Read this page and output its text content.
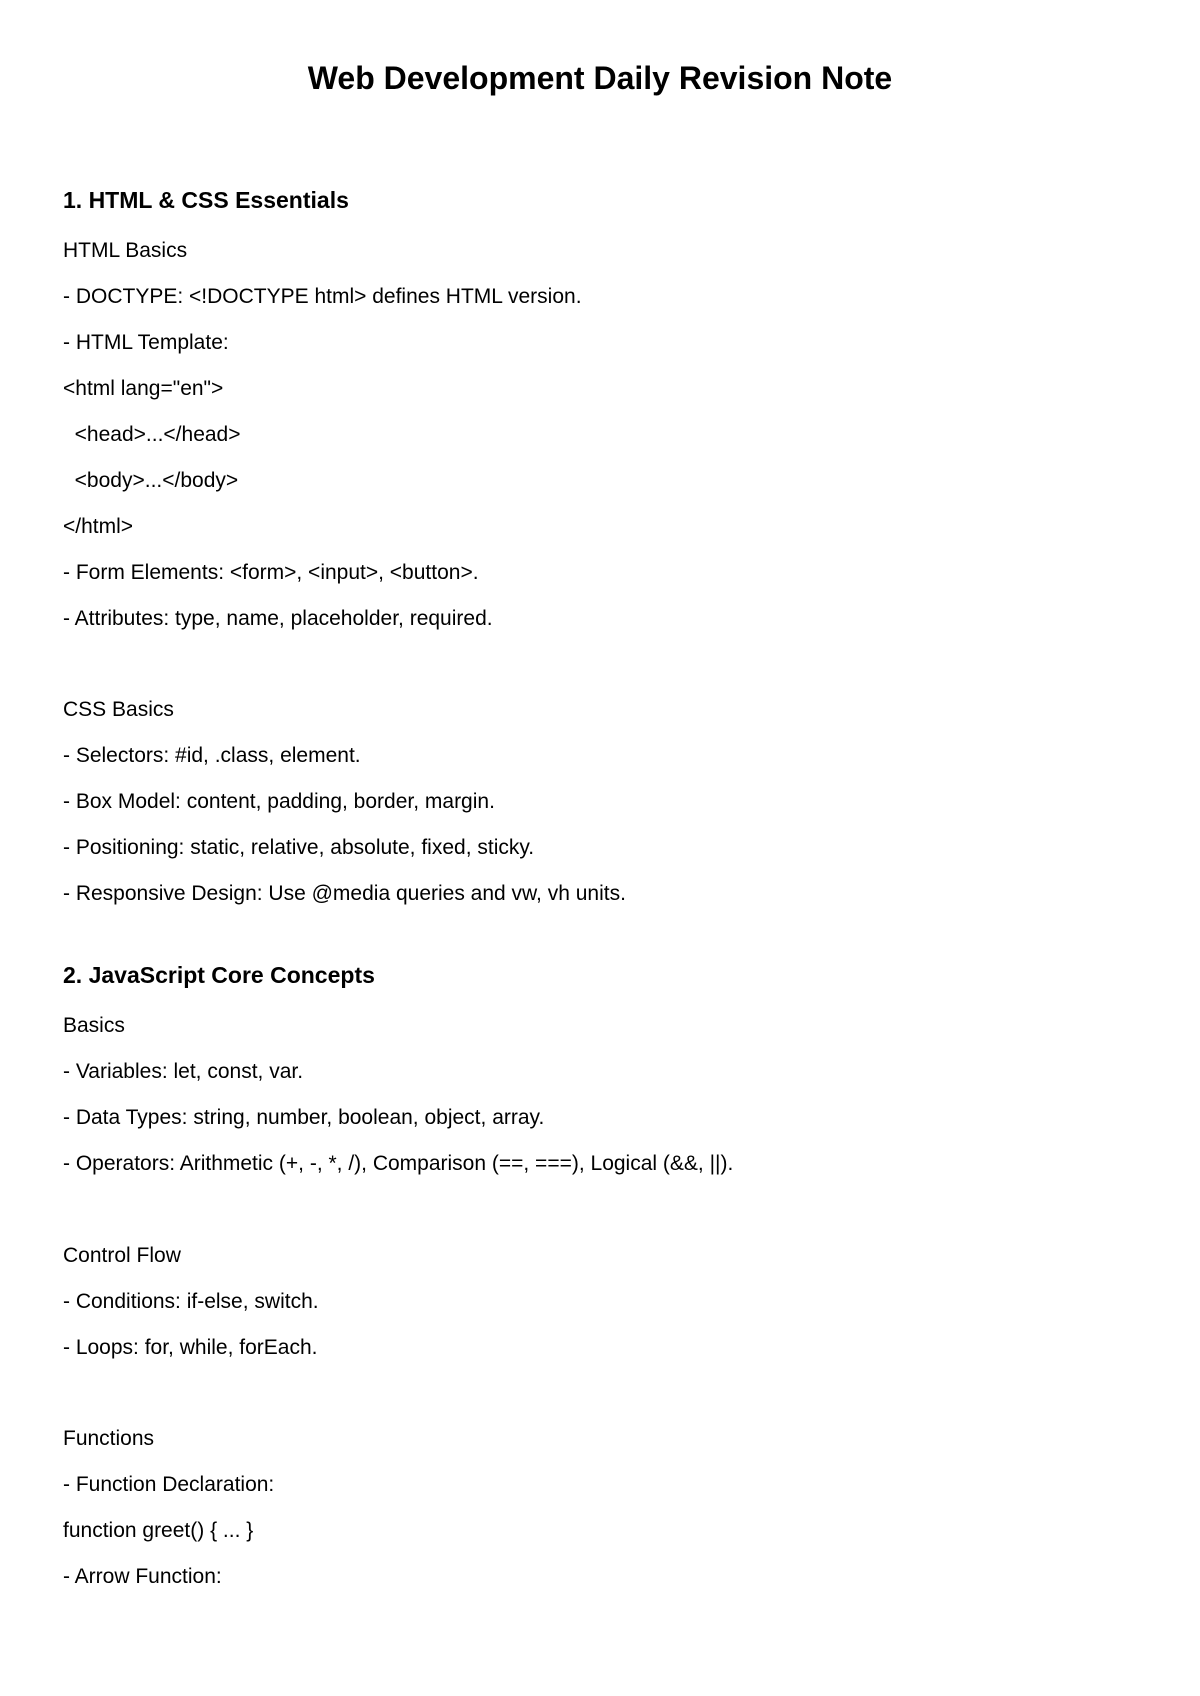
Web Development Daily Revision Note
1. HTML & CSS Essentials
HTML Basics
- DOCTYPE: <!DOCTYPE html> defines HTML version.
- HTML Template:
<html lang="en">
<head>...</head>
<body>...</body>
</html>
- Form Elements: <form>, <input>, <button>.
- Attributes: type, name, placeholder, required.
CSS Basics
- Selectors: #id, .class, element.
- Box Model: content, padding, border, margin.
- Positioning: static, relative, absolute, fixed, sticky.
- Responsive Design: Use @media queries and vw, vh units.
2. JavaScript Core Concepts
Basics
- Variables: let, const, var.
- Data Types: string, number, boolean, object, array.
- Operators: Arithmetic (+, -, *, /), Comparison (==, ===), Logical (&&, ||).
Control Flow
- Conditions: if-else, switch.
- Loops: for, while, forEach.
Functions
- Function Declaration:
function greet() { ... }
- Arrow Function:
